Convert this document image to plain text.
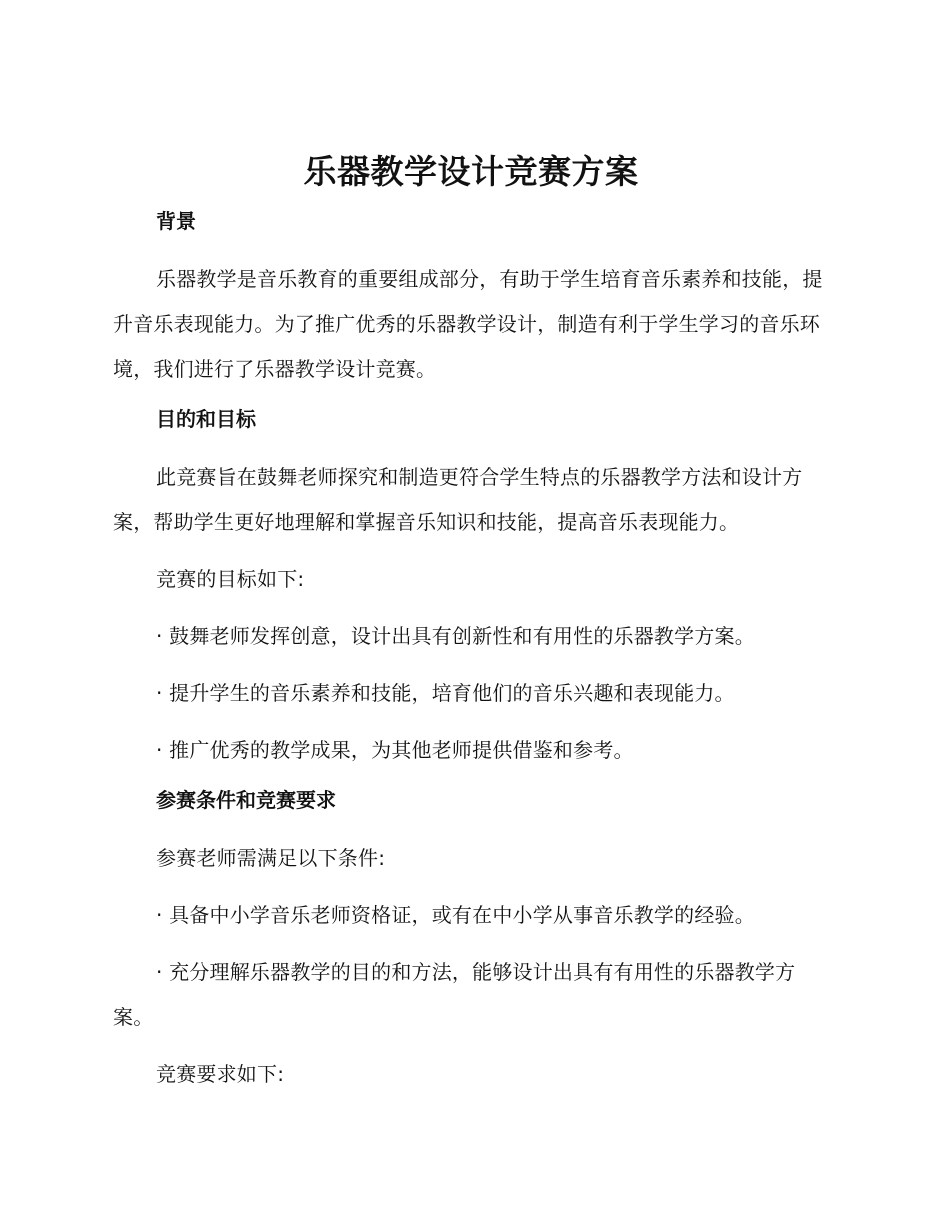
乐器教学设计竞赛方案
背景

乐器教学是音乐教育的重要组成部分，有助于学生培育音乐素养和技能，提升音乐表现能力。为了推广优秀的乐器教学设计，制造有利于学生学习的音乐环境，我们进行了乐器教学设计竞赛。

目的和目标

此竞赛旨在鼓舞老师探究和制造更符合学生特点的乐器教学方法和设计方案，帮助学生更好地理解和掌握音乐知识和技能，提高音乐表现能力。

竞赛的目标如下:

· 鼓舞老师发挥创意，设计出具有创新性和有用性的乐器教学方案。

· 提升学生的音乐素养和技能，培育他们的音乐兴趣和表现能力。

· 推广优秀的教学成果，为其他老师提供借鉴和参考。

参赛条件和竞赛要求

参赛老师需满足以下条件:

· 具备中小学音乐老师资格证，或有在中小学从事音乐教学的经验。

· 充分理解乐器教学的目的和方法，能够设计出具有有用性的乐器教学方案。

竞赛要求如下:
